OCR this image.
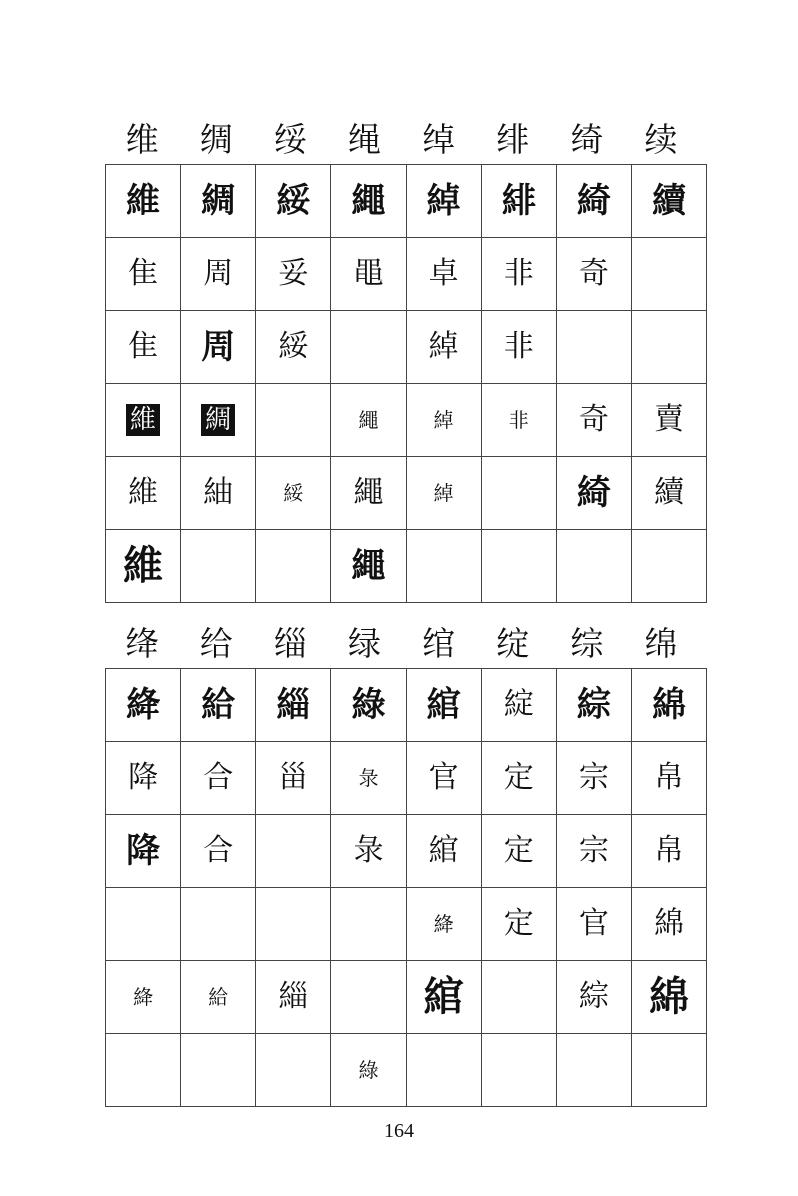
维	绸	绥	绳	绰	绯	绮	续
維	綢	綏	繩	綽	緋	綺	續
隹	周	妥	黽	卓	非	奇	
隹	周	綏		綽	非		
維	綢		繩	綽	非	奇	賣
維	紬	綏	繩	綽		綺	續
維			繩				
绛	给	缁	绿	绾	绽	综	绵
絳	給	緇	綠	綰	綻	綜	綿
降	合	甾	彔	官	定	宗	帛
降	合		彔	綰	定	宗	帛
				絳	定	官	綿
絳	給	緇		綰		綜	綿
			綠				
164
